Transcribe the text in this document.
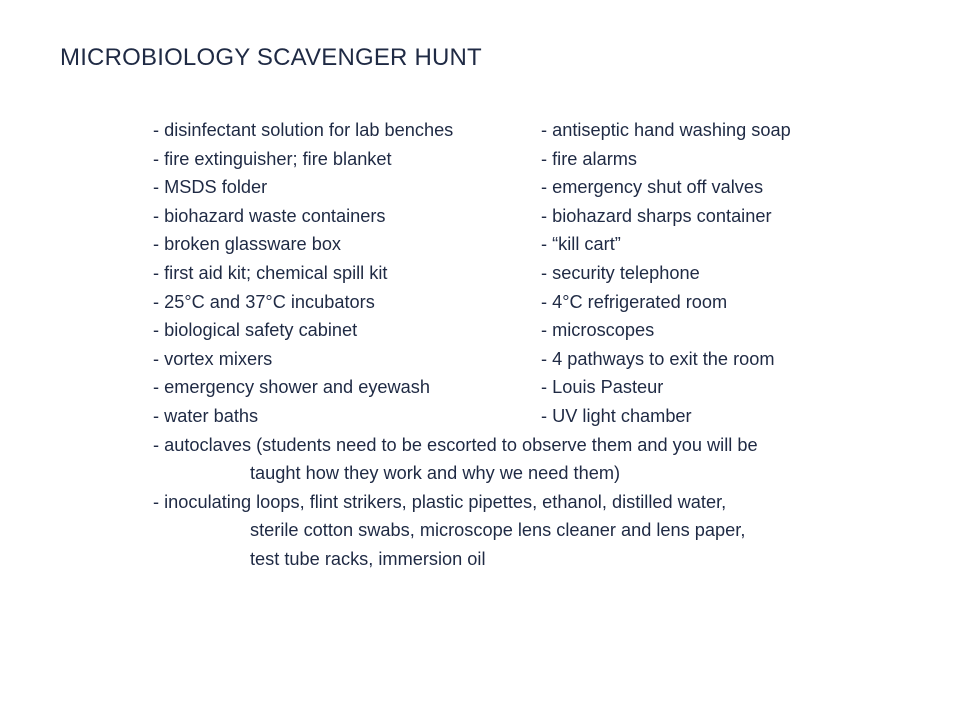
MICROBIOLOGY SCAVENGER HUNT
- disinfectant solution for lab benches	- antiseptic hand washing soap
- fire extinguisher; fire blanket	- fire alarms
- MSDS folder	- emergency shut off valves
- biohazard waste containers	- biohazard sharps container
- broken glassware box	- “kill cart”
- first aid kit; chemical spill kit	- security telephone
- 25°C and 37°C incubators	- 4°C refrigerated room
- biological safety cabinet	- microscopes
- vortex mixers	- 4 pathways to exit the room
- emergency shower and eyewash	- Louis Pasteur
- water baths	- UV light chamber
- autoclaves (students need to be escorted to observe them and you will be
taught how they work and why we need them)
- inoculating loops, flint strikers, plastic pipettes, ethanol, distilled water,
sterile cotton swabs, microscope lens cleaner and lens paper,
test tube racks, immersion oil
